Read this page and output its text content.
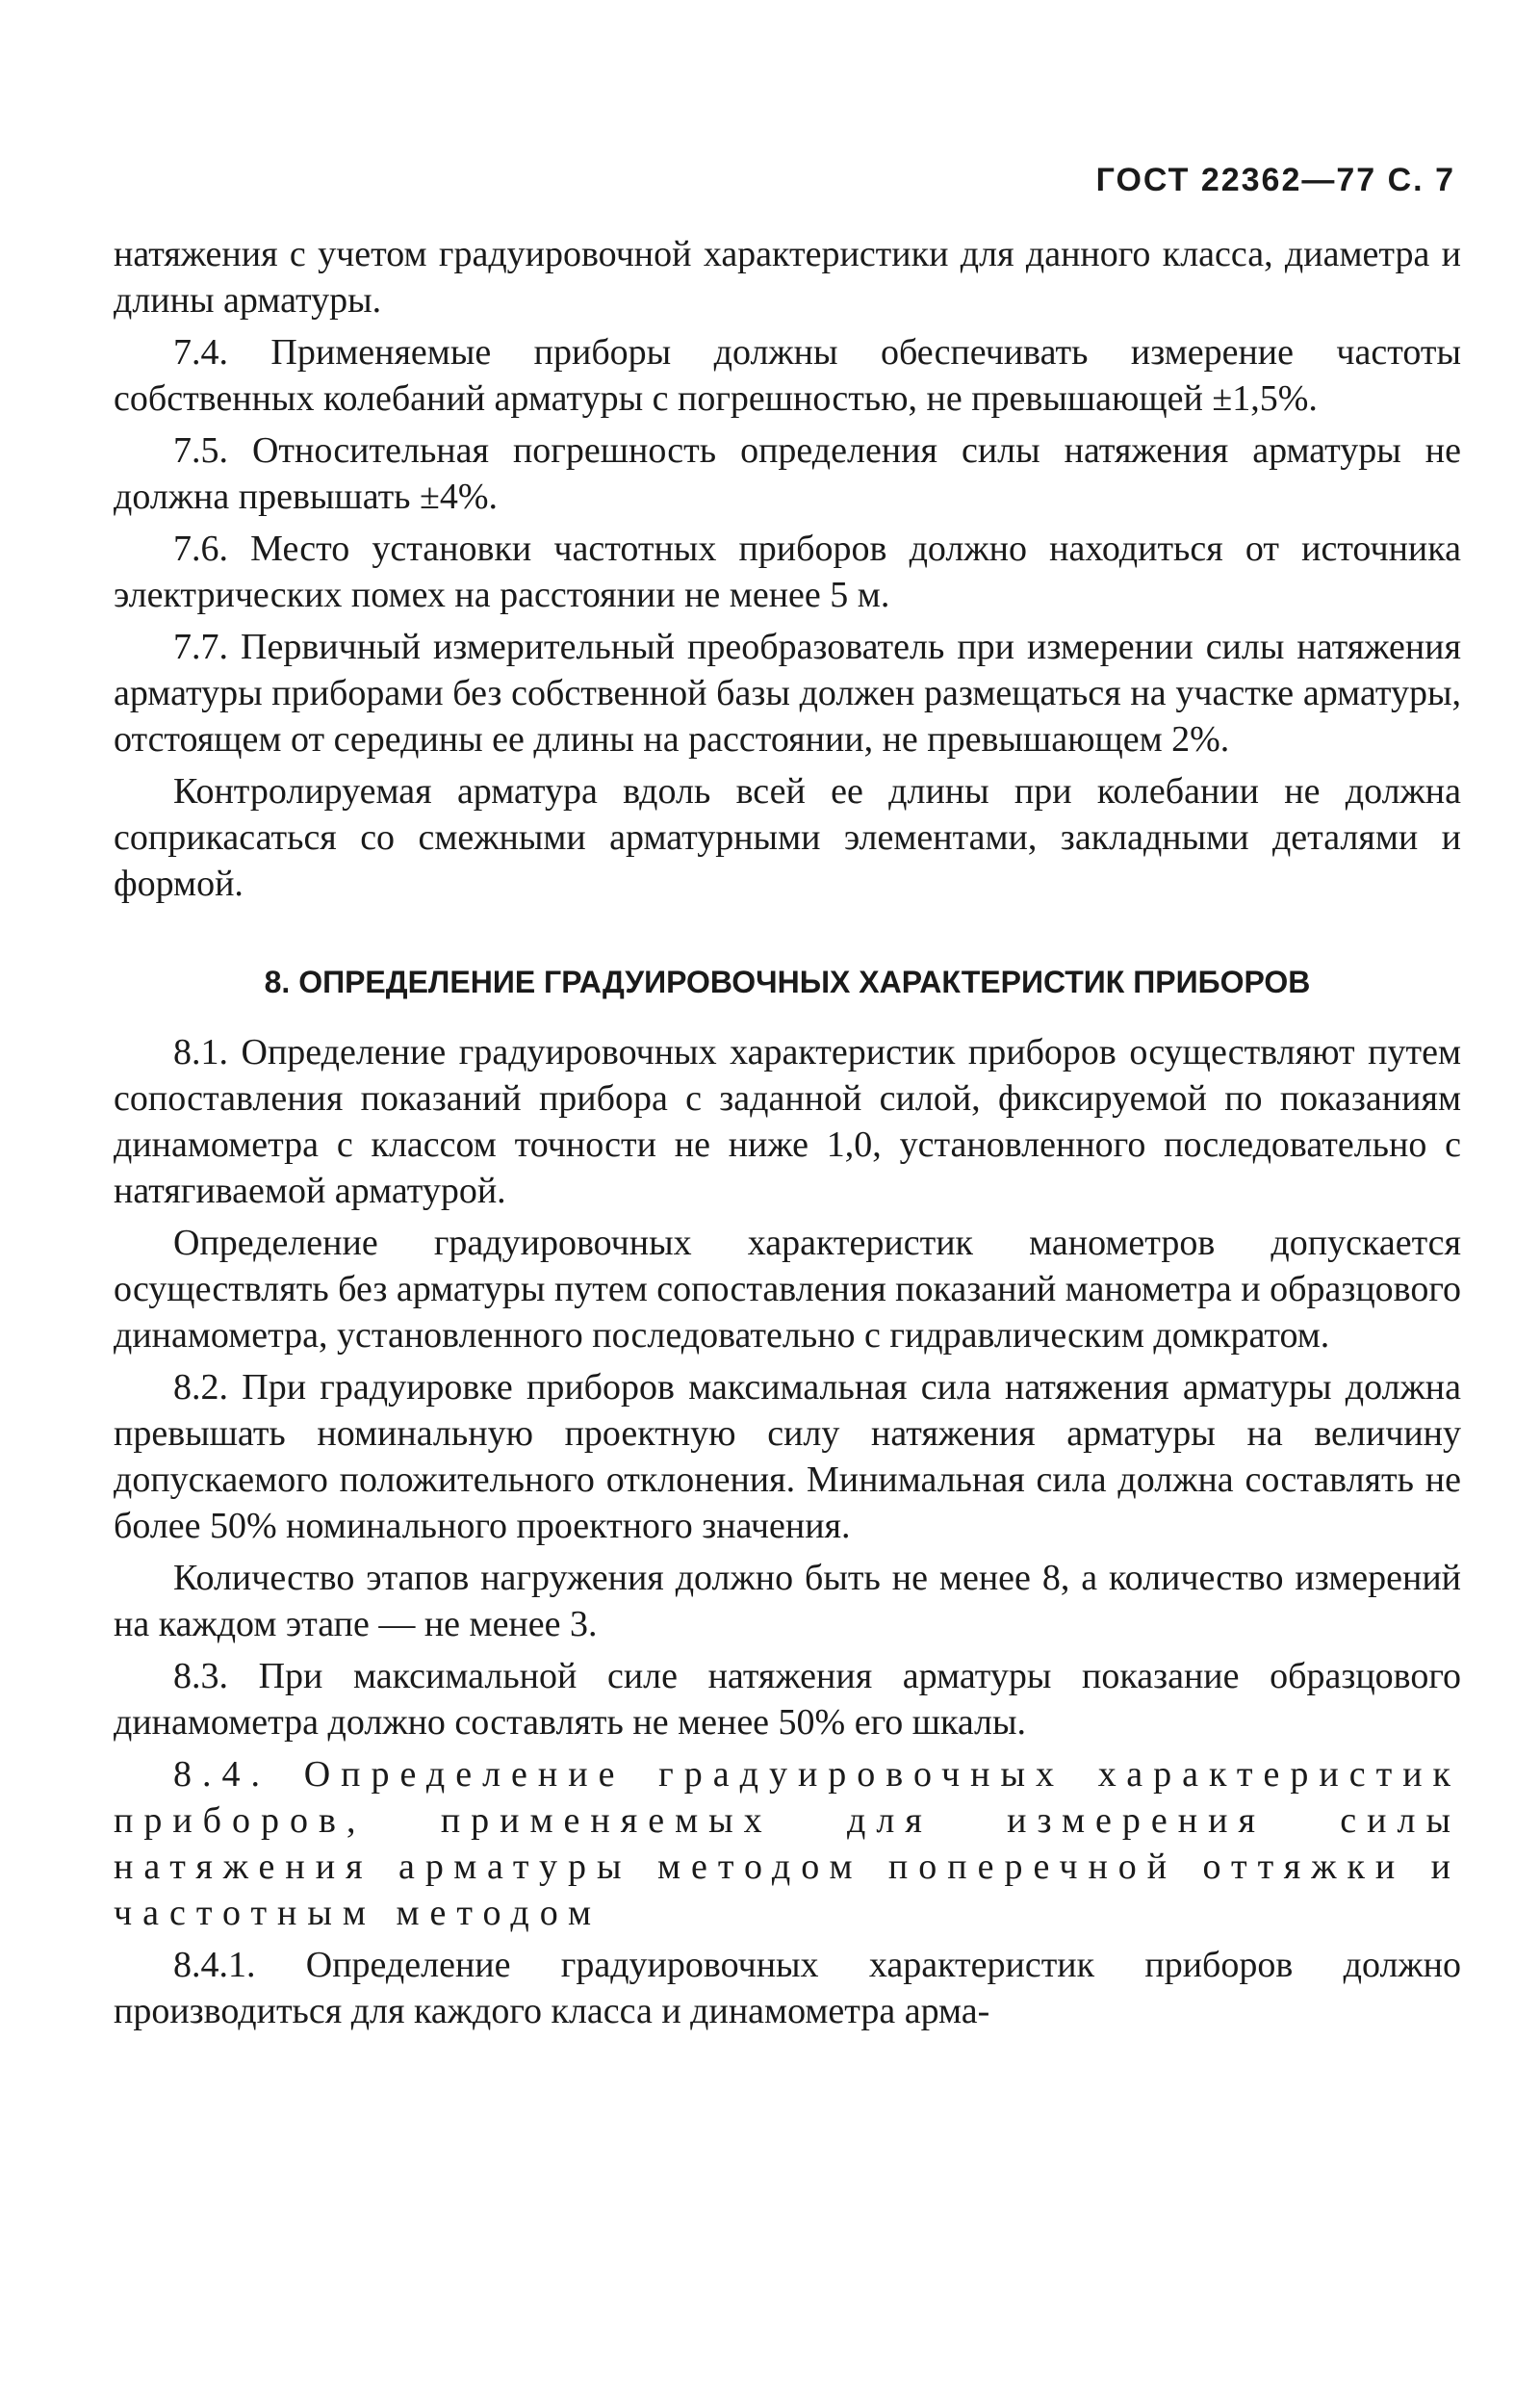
ГОСТ 22362—77 С. 7

натяжения с учетом градуировочной характеристики для данного класса, диаметра и длины арматуры.

7.4. Применяемые приборы должны обеспечивать измерение частоты собственных колебаний арматуры с погрешностью, не превышающей ±1,5%.

7.5. Относительная погрешность определения силы натяжения арматуры не должна превышать ±4%.

7.6. Место установки частотных приборов должно находиться от источника электрических помех на расстоянии не менее 5 м.

7.7. Первичный измерительный преобразователь при измерении силы натяжения арматуры приборами без собственной базы должен размещаться на участке арматуры, отстоящем от середины ее длины на расстоянии, не превышающем 2%.

Контролируемая арматура вдоль всей ее длины при колебании не должна соприкасаться со смежными арматурными элементами, закладными деталями и формой.

8. ОПРЕДЕЛЕНИЕ ГРАДУИРОВОЧНЫХ ХАРАКТЕРИСТИК ПРИБОРОВ

8.1. Определение градуировочных характеристик приборов осуществляют путем сопоставления показаний прибора с заданной силой, фиксируемой по показаниям динамометра с классом точности не ниже 1,0, установленного последовательно с натягиваемой арматурой.

Определение градуировочных характеристик манометров допускается осуществлять без арматуры путем сопоставления показаний манометра и образцового динамометра, установленного последовательно с гидравлическим домкратом.

8.2. При градуировке приборов максимальная сила натяжения арматуры должна превышать номинальную проектную силу натяжения арматуры на величину допускаемого положительного отклонения. Минимальная сила должна составлять не более 50% номинального проектного значения.

Количество этапов нагружения должно быть не менее 8, а количество измерений на каждом этапе — не менее 3.

8.3. При максимальной силе натяжения арматуры показание образцового динамометра должно составлять не менее 50% его шкалы.

8.4. Определение градуировочных характеристик приборов, применяемых для измерения силы натяжения арматуры методом поперечной оттяжки и частотным методом

8.4.1. Определение градуировочных характеристик приборов должно производиться для каждого класса и динамометра арма-
